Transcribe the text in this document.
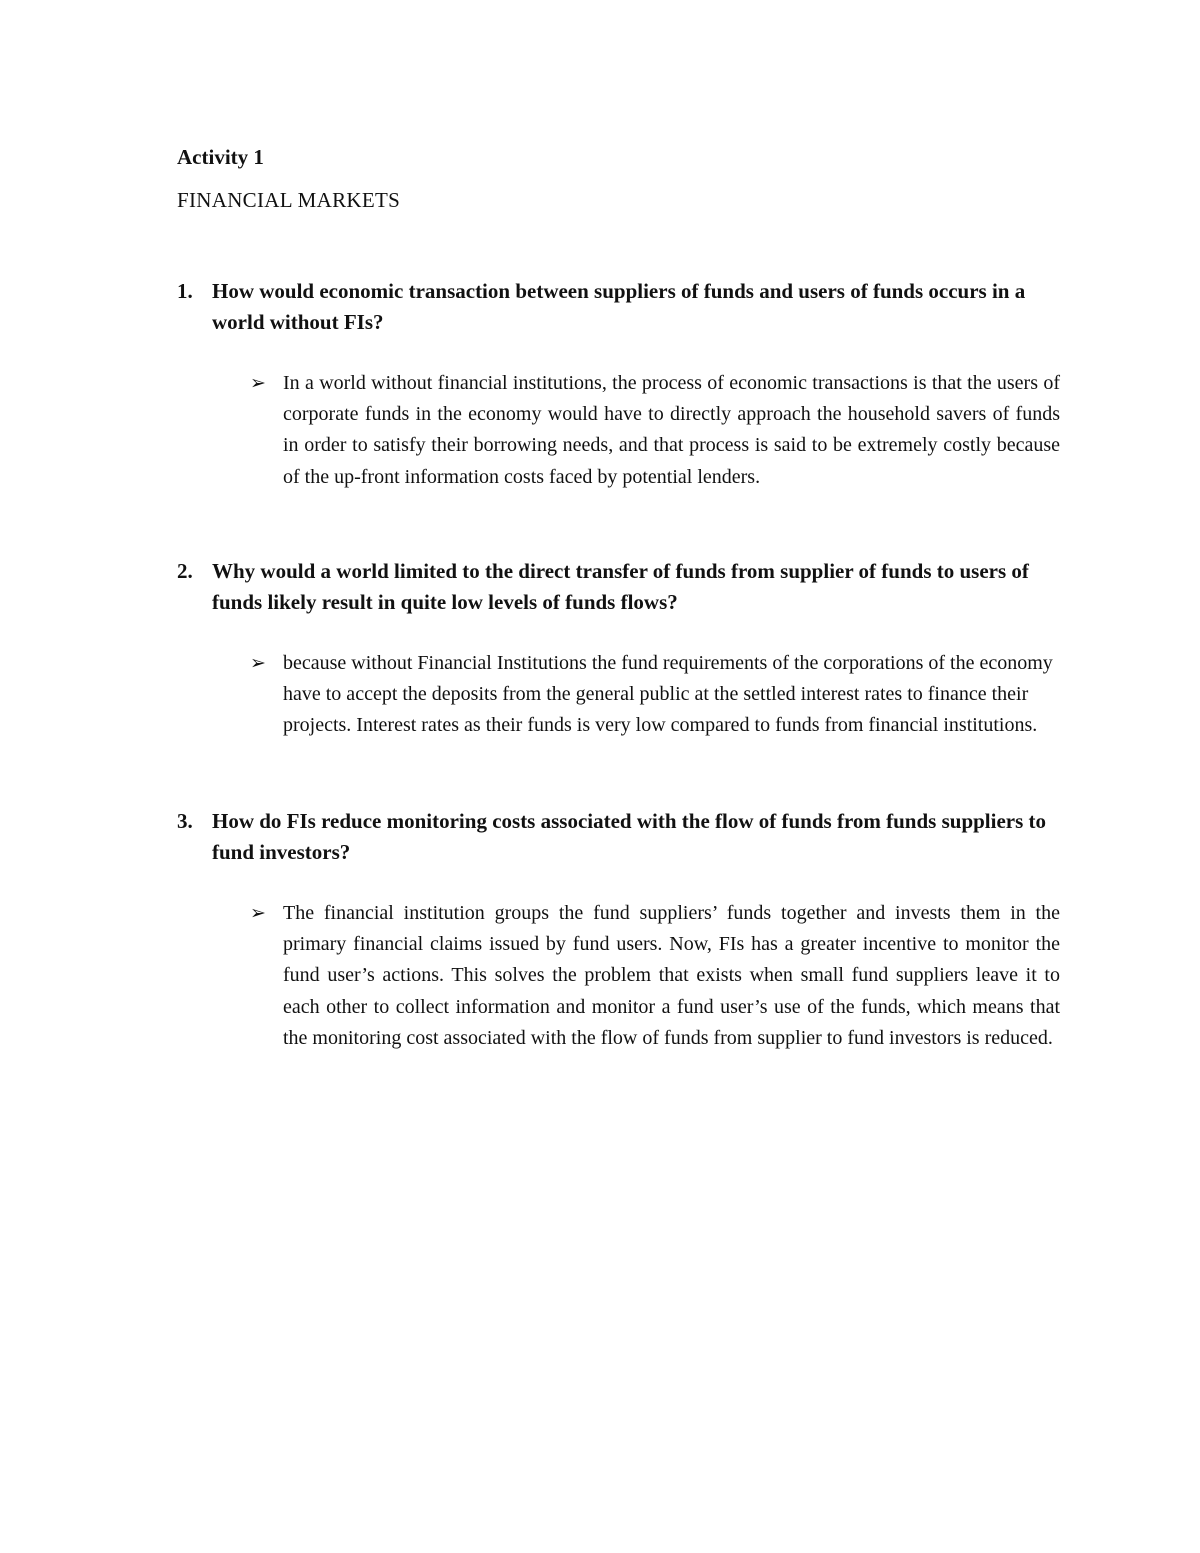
Activity 1

FINANCIAL MARKETS

1. How would economic transaction between suppliers of funds and users of funds occurs in a world without FIs?
➢ In a world without financial institutions, the process of economic transactions is that the users of corporate funds in the economy would have to directly approach the household savers of funds in order to satisfy their borrowing needs, and that process is said to be extremely costly because of the up-front information costs faced by potential lenders.
2. Why would a world limited to the direct transfer of funds from supplier of funds to users of funds likely result in quite low levels of funds flows?
➢ because without Financial Institutions the fund requirements of the corporations of the economy have to accept the deposits from the general public at the settled interest rates to finance their projects. Interest rates as their funds is very low compared to funds from financial institutions.
3. How do FIs reduce monitoring costs associated with the flow of funds from funds suppliers to fund investors?
➢ The financial institution groups the fund suppliers’ funds together and invests them in the primary financial claims issued by fund users. Now, FIs has a greater incentive to monitor the fund user’s actions. This solves the problem that exists when small fund suppliers leave it to each other to collect information and monitor a fund user’s use of the funds, which means that the monitoring cost associated with the flow of funds from supplier to fund investors is reduced.
